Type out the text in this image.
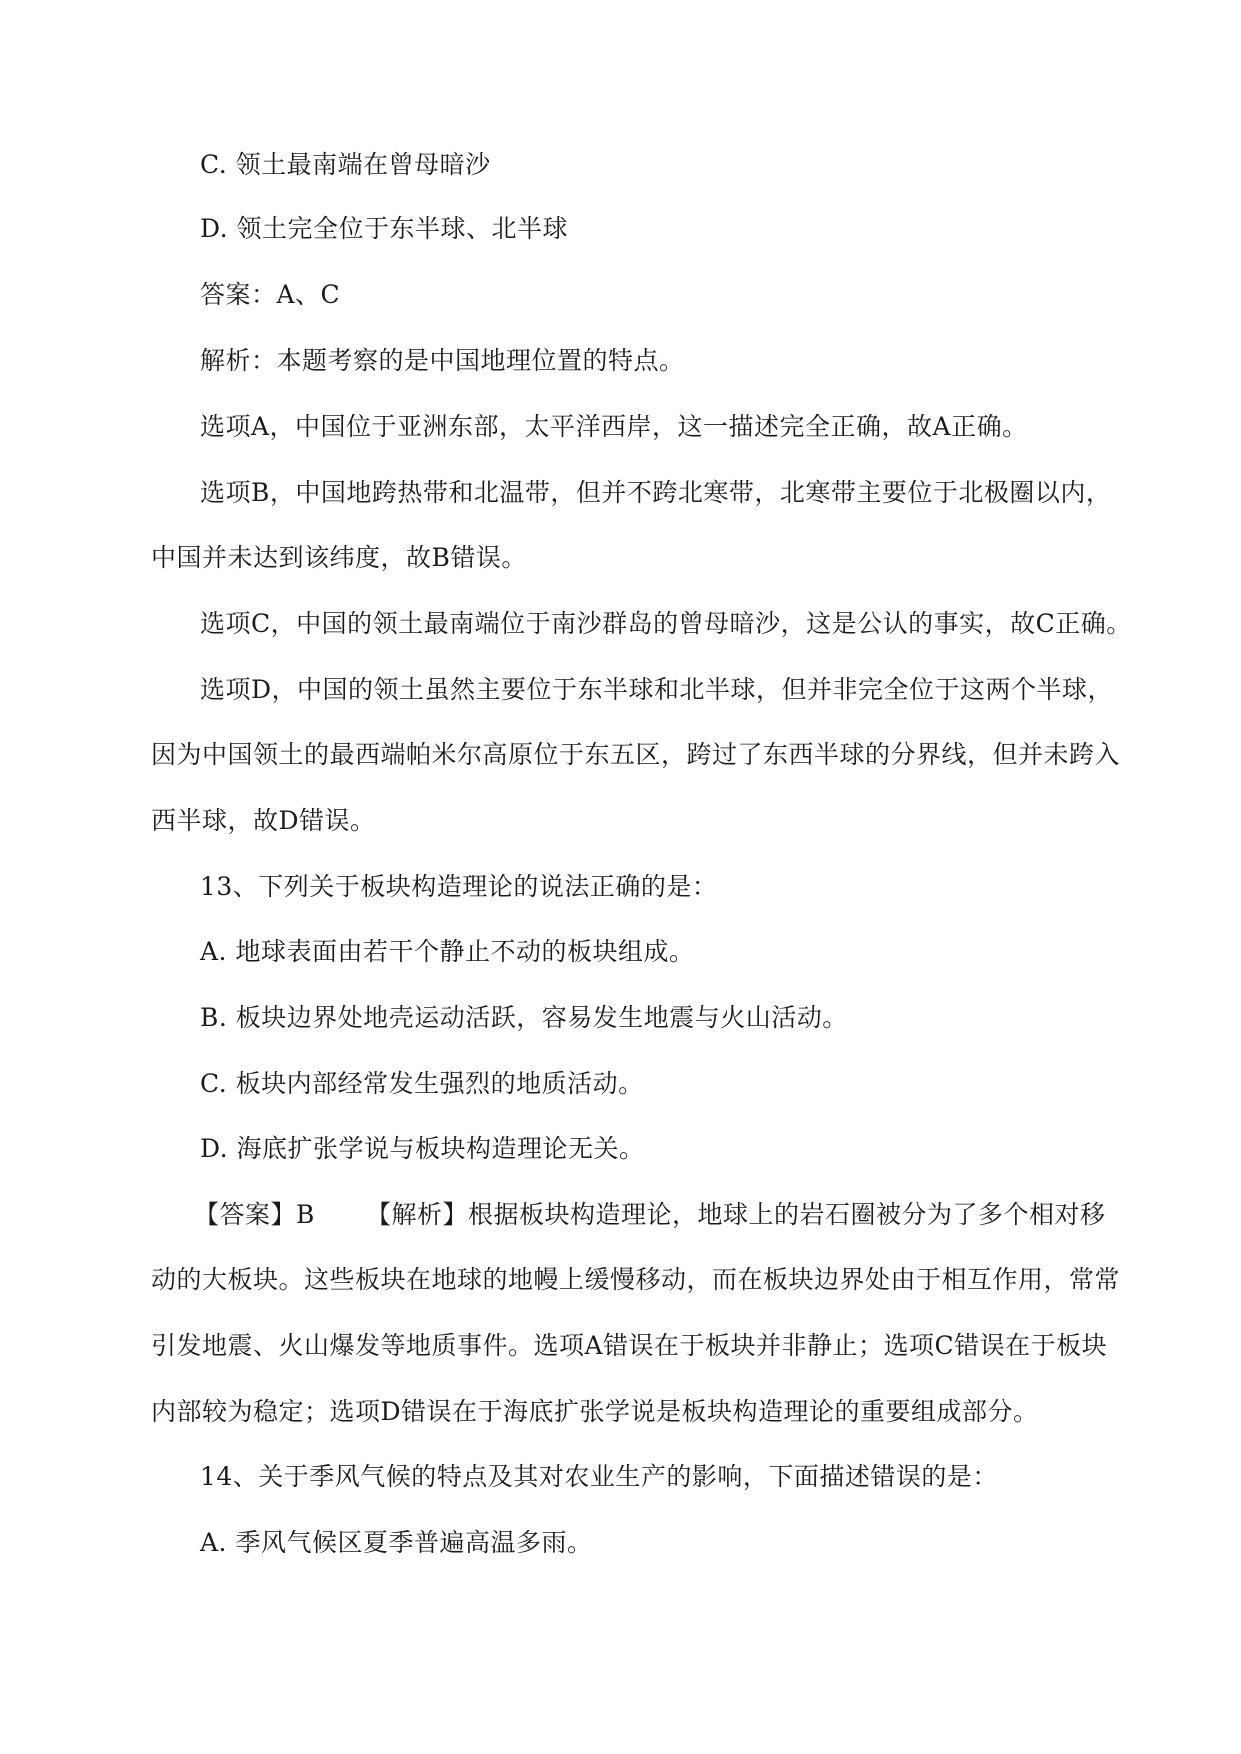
C. 领土最南端在曾母暗沙
D. 领土完全位于东半球、北半球
答案：A、C
解析：本题考察的是中国地理位置的特点。
选项A，中国位于亚洲东部，太平洋西岸，这一描述完全正确，故A正确。
选项B，中国地跨热带和北温带，但并不跨北寒带，北寒带主要位于北极圈以内，
中国并未达到该纬度，故B错误。
选项C，中国的领土最南端位于南沙群岛的曾母暗沙，这是公认的事实，故C正确。
选项D，中国的领土虽然主要位于东半球和北半球，但并非完全位于这两个半球，
因为中国领土的最西端帕米尔高原位于东五区，跨过了东西半球的分界线，但并未跨入
西半球，故D错误。
13、下列关于板块构造理论的说法正确的是：
A. 地球表面由若干个静止不动的板块组成。
B. 板块边界处地壳运动活跃，容易发生地震与火山活动。
C. 板块内部经常发生强烈的地质活动。
D. 海底扩张学说与板块构造理论无关。
【答案】B 【解析】根据板块构造理论，地球上的岩石圈被分为了多个相对移
动的大板块。这些板块在地球的地幔上缓慢移动，而在板块边界处由于相互作用，常常
引发地震、火山爆发等地质事件。选项A错误在于板块并非静止；选项C错误在于板块
内部较为稳定；选项D错误在于海底扩张学说是板块构造理论的重要组成部分。
14、关于季风气候的特点及其对农业生产的影响，下面描述错误的是：
A. 季风气候区夏季普遍高温多雨。
